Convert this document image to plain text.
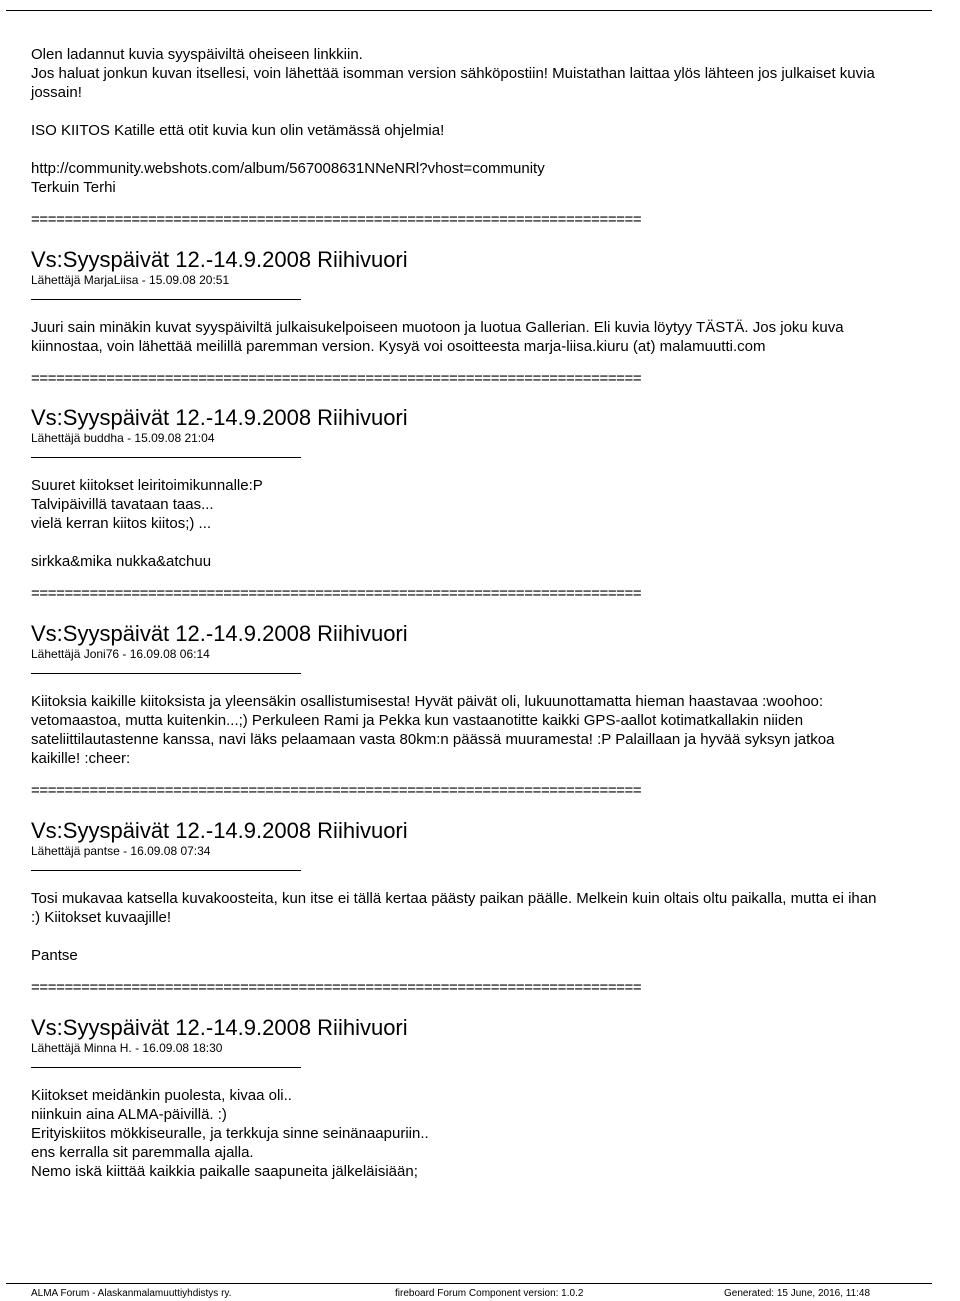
Olen ladannut kuvia syyspäiviltä oheiseen linkkiin.

Jos haluat jonkun kuvan itsellesi, voin lähettää isomman version sähköpostiin! Muistathan laittaa ylös lähteen jos julkaiset kuvia

jossain!

ISO KIITOS Katille että otit kuvia kun olin vetämässä ohjelmia!

http://community.webshots.com/album/567008631NNeNRl?vhost=community

Terkuin Terhi

=========================================================================

Vs:Syyspäivät 12.-14.9.2008 Riihivuori

Lähettäjä MarjaLiisa - 15.09.08 20:51

Juuri sain minäkin kuvat syyspäiviltä julkaisukelpoiseen muotoon ja luotua Gallerian. Eli kuvia löytyy TÄSTÄ. Jos joku kuva

kiinnostaa, voin lähettää meilillä paremman version. Kysyä voi osoitteesta marja-liisa.kiuru (at) malamuutti.com

=========================================================================

Vs:Syyspäivät 12.-14.9.2008 Riihivuori

Lähettäjä buddha - 15.09.08 21:04

Suuret kiitokset leiritoimikunnalle:P

Talvipäivillä tavataan taas...

vielä kerran kiitos kiitos;) ...

sirkka&mika nukka&atchuu

=========================================================================

Vs:Syyspäivät 12.-14.9.2008 Riihivuori

Lähettäjä Joni76 - 16.09.08 06:14

Kiitoksia kaikille kiitoksista ja yleensäkin osallistumisesta! Hyvät päivät oli, lukuunottamatta hieman haastavaa :woohoo:

vetomaastoa, mutta kuitenkin...;) Perkuleen Rami ja Pekka kun vastaanotitte kaikki GPS-aallot kotimatkallakin niiden

sateliittilautastenne kanssa, navi läks pelaamaan vasta 80km:n päässä muuramesta! :P Palaillaan ja hyvää syksyn jatkoa

kaikille! :cheer:

=========================================================================

Vs:Syyspäivät 12.-14.9.2008 Riihivuori

Lähettäjä pantse - 16.09.08 07:34

Tosi mukavaa katsella kuvakoosteita, kun itse ei tällä kertaa päästy paikan päälle. Melkein kuin oltais oltu paikalla, mutta ei ihan

:) Kiitokset kuvaajille!

Pantse

=========================================================================

Vs:Syyspäivät 12.-14.9.2008 Riihivuori

Lähettäjä Minna H. - 16.09.08 18:30

Kiitokset meidänkin puolesta, kivaa oli..

niinkuin aina ALMA-päivillä. :)

Erityiskiitos mökkiseuralle, ja terkkuja sinne seinänaapuriin..

ens kerralla sit paremmalla ajalla.

Nemo iskä kiittää kaikkia paikalle saapuneita jälkeläisiään;

ALMA Forum - Alaskanmalamuuttiyhdistys ry.	fireboard Forum Component version: 1.0.2	Generated: 15 June, 2016, 11:48
